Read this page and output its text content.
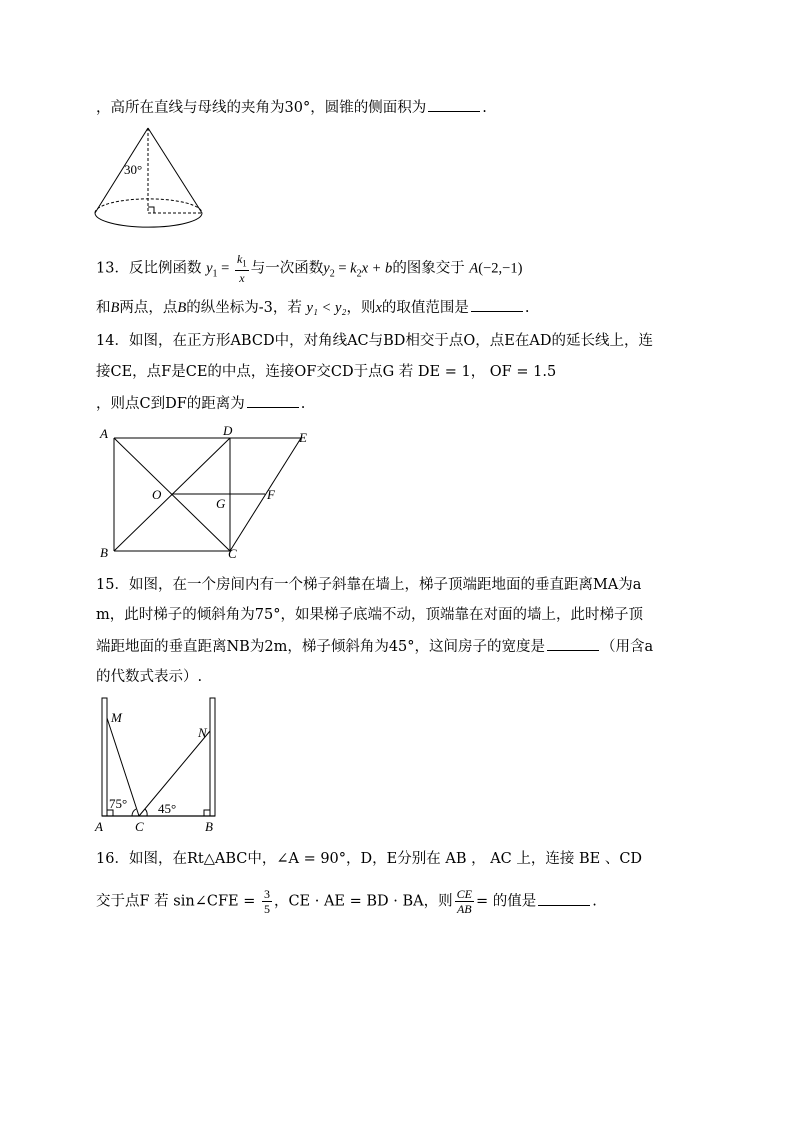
，高所在直线与母线的夹角为30°，圆锥的侧面积为	.
30°
13．反比例函数 $y_1 = \frac{k_1}{x}$ 与一次函数$y_2 = k_2x + b$的图象交于 A(−2,−1)
和B两点，点B的纵坐标为-3，若 y₁ < y₂，则x的取值范围是	.
14．如图，在正方形ABCD中，对角线AC与BD相交于点O，点E在AD的延长线上，连
接CE，点F是CE的中点，连接OF交CD于点G 若 DE = 1， OF = 1.5
，则点C到DF的距离为	.
A
B	C
D	E
F
G
O
15．如图，在一个房间内有一个梯子斜靠在墙上，梯子顶端距地面的垂直距离MA为a
m，此时梯子的倾斜角为75°，如果梯子底端不动，顶端靠在对面的墙上，此时梯子顶
端距地面的垂直距离NB为2m，梯子倾斜角为45°，这间房子的宽度是	（用含a
的代数式表示）.
M
N
A C	B
75° 45°
16．如图，在Rt△ABC中，∠A = 90°，D，E分别在 AB ， AC 上，连接 BE 、CD
交于点F 若 sin∠CFE = $\frac{3}{5}$ ，CE · AE = BD · BA，则 $\frac{CE}{AB}$ = 的值是	.
